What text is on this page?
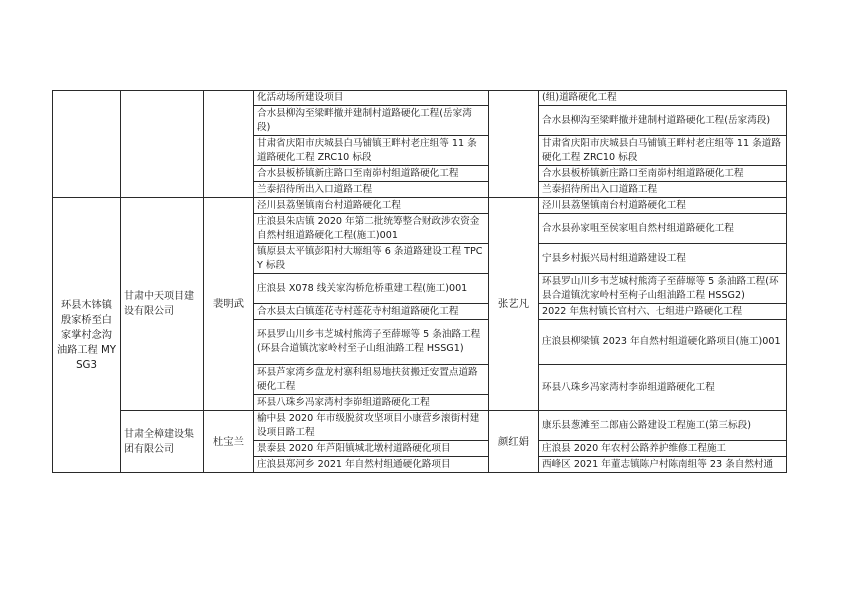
			化活动场所建设项目		(组)道路硬化工程
			合水县柳沟至梁畔撤并建制村道路硬化工程(岳家湾段)		合水县柳沟至梁畔撤并建制村道路硬化工程(岳家湾段)
			甘肃省庆阳市庆城县白马铺镇王畔村老庄组等 11 条道路硬化工程 ZRC10 标段		甘肃省庆阳市庆城县白马铺镇王畔村老庄组等 11 条道路硬化工程 ZRC10 标段
			合水县板桥镇新庄路口至南峁村组道路硬化工程		合水县板桥镇新庄路口至南峁村组道路硬化工程
			兰泰招待所出入口道路工程		兰泰招待所出入口道路工程
环县木钵镇殷家桥至白家掌村念沟油路工程 MYSG3	甘肃中天项目建设有限公司	裴明武	泾川县荔堡镇南台村道路硬化工程	张艺凡	泾川县荔堡镇南台村道路硬化工程
			庄浪县朱店镇 2020 年第二批统筹整合财政涉农资金自然村组道路硬化工程(施工)001		合水县孙家咀至侯家咀自然村组道路硬化工程
			镇原县太平镇彭阳村大塬组等 6 条道路建设工程 TPCY 标段		宁县乡村振兴局村组道路建设工程
			庄浪县 X078 线关家沟桥危桥重建工程(施工)001		环县罗山川乡韦芝城村熊湾子至薛塬等 5 条油路工程(环县合道镇沈家岭村至枸子山组油路工程 HSSG2)
			合水县太白镇莲花寺村莲花寺村组道路硬化工程		2022 年焦村镇长官村六、七组进户路硬化工程
			环县罗山川乡韦芝城村熊湾子至薛塬等 5 条油路工程(环县合道镇沈家岭村至子山组油路工程 HSSG1)		庄浪县柳梁镇 2023 年自然村组道硬化路项目(施工)001
			环县芦家湾乡盘龙村寨科组易地扶贫搬迁安置点道路硬化工程		环县八珠乡冯家湾村李峁组道路硬化工程
			环县八珠乡冯家湾村李峁组道路硬化工程		
	甘肃全樟建设集团有限公司	杜宝兰	榆中县 2020 年市级脱贫攻坚项目小康营乡滚街村建设项目路工程	颜红娟	康乐县葱滩至二郎庙公路建设工程施工(第三标段)
			景泰县 2020 年芦阳镇城北墩村道路硬化项目		庄浪县 2020 年农村公路养护维修工程施工
			庄浪县郑河乡 2021 年自然村组通硬化路项目		西峰区 2021 年董志镇陈户村陈南组等 23 条自然村通
